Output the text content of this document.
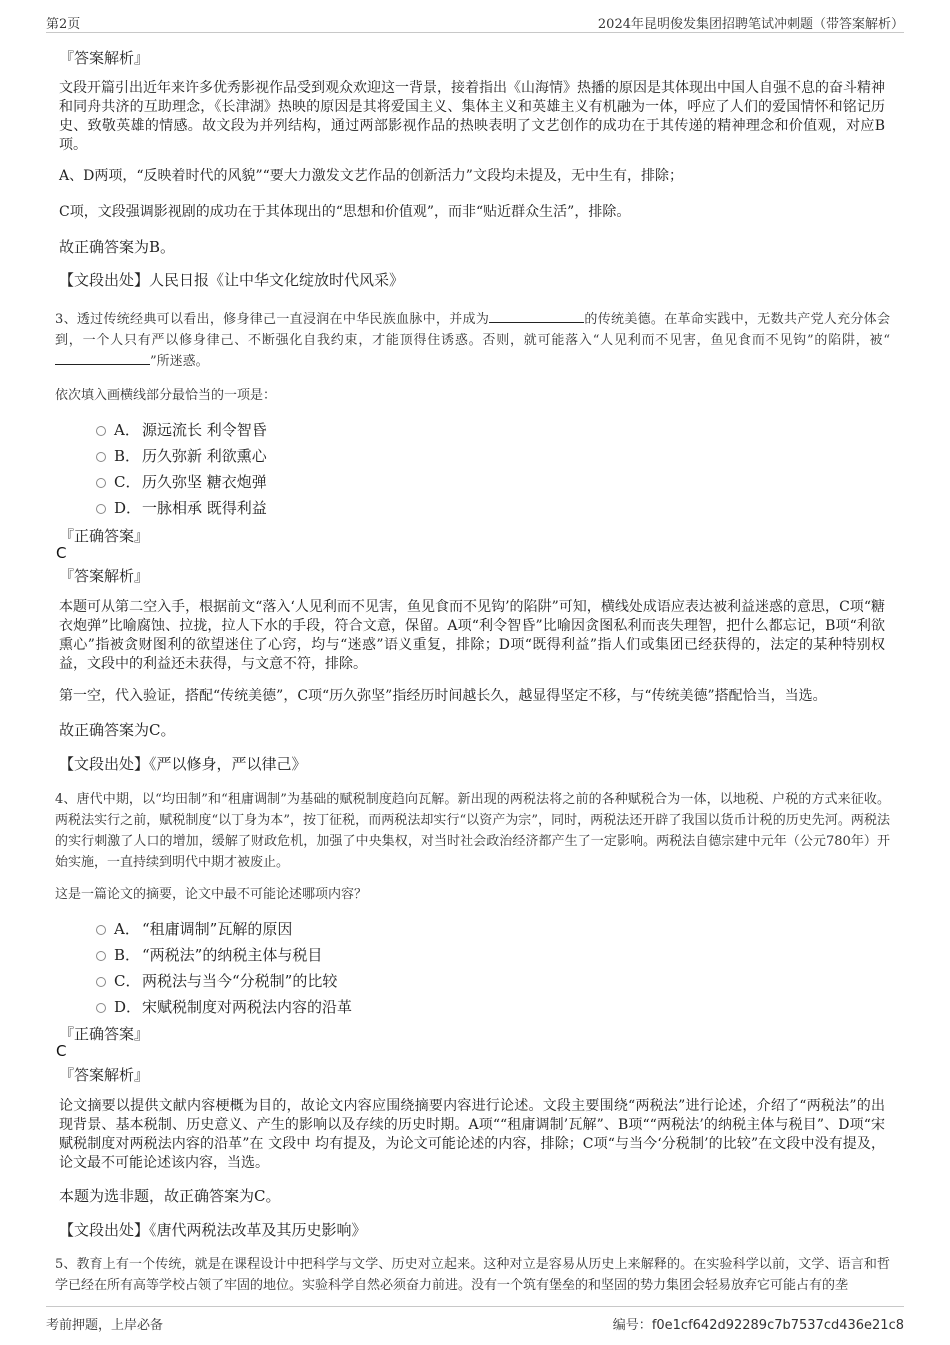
第2页	2024年昆明俊发集团招聘笔试冲刺题（带答案解析）
『答案解析』
文段开篇引出近年来许多优秀影视作品受到观众欢迎这一背景，接着指出《山海情》热播的原因是其体现出中国人自强不息的奋斗精神和同舟共济的互助理念，《长津湖》热映的原因是其将爱国主义、集体主义和英雄主义有机融为一体，呼应了人们的爱国情怀和铭记历史、致敬英雄的情感。故文段为并列结构，通过两部影视作品的热映表明了文艺创作的成功在于其传递的精神理念和价值观，对应B项。
A、D两项，“反映着时代的风貌”“要大力激发文艺作品的创新活力”文段均未提及，无中生有，排除；
C项，文段强调影视剧的成功在于其体现出的“思想和价值观”，而非“贴近群众生活”，排除。
故正确答案为B。
【文段出处】人民日报《让中华文化绽放时代风采》
3、透过传统经典可以看出，修身律己一直浸润在中华民族血脉中，并成为	的传统美德。在革命实践中，无数共产党人充分体会到，一个人只有严以修身律己、不断强化自我约束，才能顶得住诱惑。否则，就可能落入“人见利而不见害，鱼见食而不见钩”的陷阱，被“”所迷惑。
依次填入画横线部分最恰当的一项是：
A． 源远流长 利令智昏
B． 历久弥新 利欲熏心
C． 历久弥坚 糖衣炮弹
D．一脉相承 既得利益
『正确答案』
C
『答案解析』
本题可从第二空入手，根据前文“落入‘人见利而不见害，鱼见食而不见钩’的陷阱”可知，横线处成语应表达被利益迷惑的意思，C项“糖衣炮弹”比喻腐蚀、拉拢，拉人下水的手段，符合文意，保留。A项“利令智昏”比喻因贪图私利而丧失理智，把什么都忘记，B项“利欲熏心”指被贪财图利的欲望迷住了心窍，均与“迷惑”语义重复，排除；D项“既得利益”指人们或集团已经获得的，法定的某种特别权益，文段中的利益还未获得，与文意不符，排除。
第一空，代入验证，搭配“传统美德”，C项“历久弥坚”指经历时间越长久，越显得坚定不移，与“传统美德”搭配恰当，当选。
故正确答案为C。
【文段出处】《严以修身，严以律己》
4、唐代中期，以“均田制”和“租庸调制”为基础的赋税制度趋向瓦解。新出现的两税法将之前的各种赋税合为一体，以地税、户税的方式来征收。两税法实行之前，赋税制度“以丁身为本”，按丁征税，而两税法却实行“以资产为宗”，同时，两税法还开辟了我国以货币计税的历史先河。两税法的实行刺激了人口的增加，缓解了财政危机，加强了中央集权，对当时社会政治经济都产生了一定影响。两税法自德宗建中元年（公元780年）开始实施，一直持续到明代中期才被废止。
这是一篇论文的摘要，论文中最不可能论述哪项内容？
A． “租庸调制”瓦解的原因
B． “两税法”的纳税主体与税目
C． 两税法与当今“分税制”的比较
D．宋赋税制度对两税法内容的沿革
『正确答案』
C
『答案解析』
论文摘要以提供文献内容梗概为目的，故论文内容应围绕摘要内容进行论述。文段主要围绕“两税法”进行论述，介绍了“两税法”的出现背景、基本税制、历史意义、产生的影响以及存续的历史时期。A项““租庸调制’瓦解”、B项““两税法’的纳税主体与税目”、D项“宋赋税制度对两税法内容的沿革”在 文段中 均有提及，为论文可能论述的内容，排除；C项“与当今‘分税制’的比较”在文段中没有提及，论文最不可能论述该内容，当选。
本题为选非题，故正确答案为C。
【文段出处】《唐代两税法改革及其历史影响》
5、教育上有一个传统，就是在课程设计中把科学与文学、历史对立起来。这种对立是容易从历史上来解释的。在实验科学以前，文学、语言和哲学已经在所有高等学校占领了牢固的地位。实验科学自然必须奋力前进。没有一个筑有堡垒的和坚固的势力集团会轻易放弃它可能占有的垄
考前押题，上岸必备	编号：f0e1cf642d92289c7b7537cd436e21c8
